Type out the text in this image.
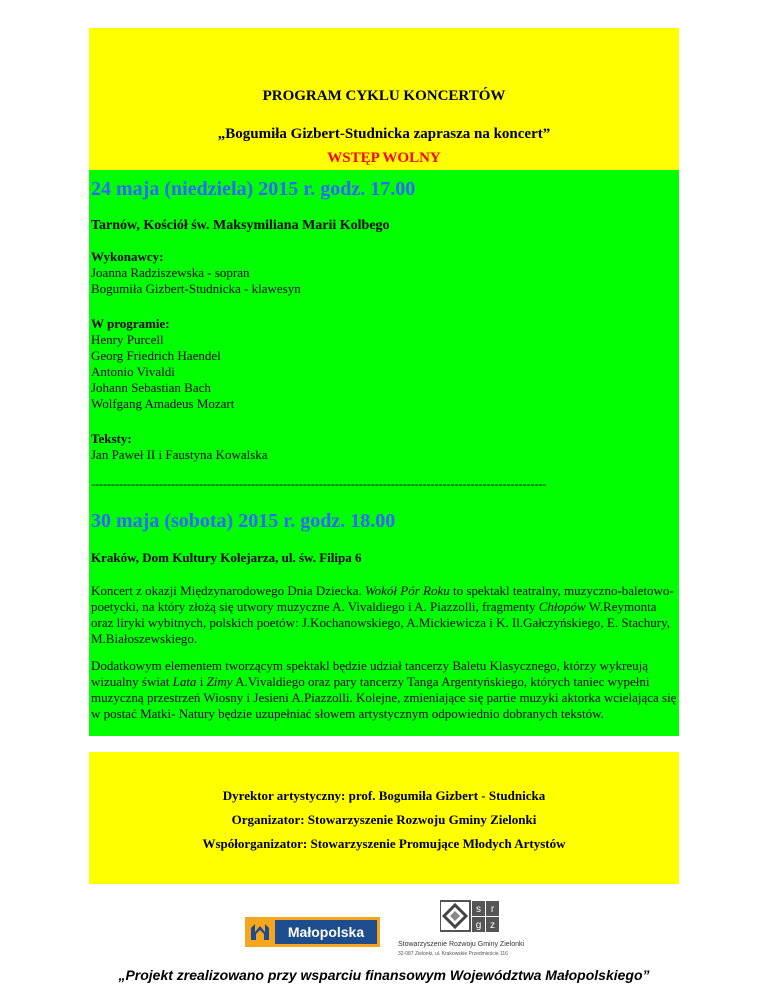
PROGRAM CYKLU KONCERTÓW
„Bogumiła Gizbert-Studnicka zaprasza na koncert”
WSTĘP WOLNY
24 maja (niedziela) 2015 r. godz. 17.00
Tarnów, Kościół św. Maksymiliana Marii Kolbego
Wykonawcy:
Joanna Radziszewska - sopran
Bogumiła Gizbert-Studnicka - klawesyn
W programie:
Henry Purcell
Georg Friedrich Haendel
Antonio Vivaldi
Johann Sebastian Bach
Wolfgang Amadeus Mozart
Teksty:
Jan Paweł II i Faustyna Kowalska
------------------------------------------------------------------------------------------------------------------
30 maja (sobota) 2015 r. godz. 18.00
Kraków, Dom Kultury Kolejarza, ul. św. Filipa 6
Koncert z okazji Międzynarodowego Dnia Dziecka. Wokół Pór Roku to spektakl teatralny, muzyczno-baletowo-poetycki, na który złożą się utwory muzyczne A. Vivaldiego i A. Piazzolli, fragmenty Chłopów W.Reymonta oraz liryki wybitnych, polskich poetów: J.Kochanowskiego, A.Mickiewicza i K. Il.Gałczyńskiego, E. Stachury, M.Białoszewskiego.
Dodatkowym elementem tworzącym spektakl będzie udział tancerzy Baletu Klasycznego, którzy wykreują wizualny świat Lata i Zimy A.Vivaldiego oraz pary tancerzy Tanga Argentyńskiego, których taniec wypełni muzyczną przestrzeń Wiosny i Jesieni A.Piazzolli. Kolejne, zmieniające się partie muzyki aktorka wcielająca się w postać Matki- Natury będzie uzupełniać słowem artystycznym odpowiednio dobranych tekstów.
Dyrektor artystyczny: prof. Bogumiła Gizbert - Studnicka
Organizator: Stowarzyszenie Rozwoju Gminy Zielonki
Współorganizator: Stowarzyszenie Promujące Młodych Artystów
Małopolska
s r
g z
Stowarzyszenie Rozwoju Gminy Zielonki
32-087 Zielonki, ul. Krakowskie Przedmieście 116
„Projekt zrealizowano przy wsparciu finansowym Województwa Małopolskiego”
